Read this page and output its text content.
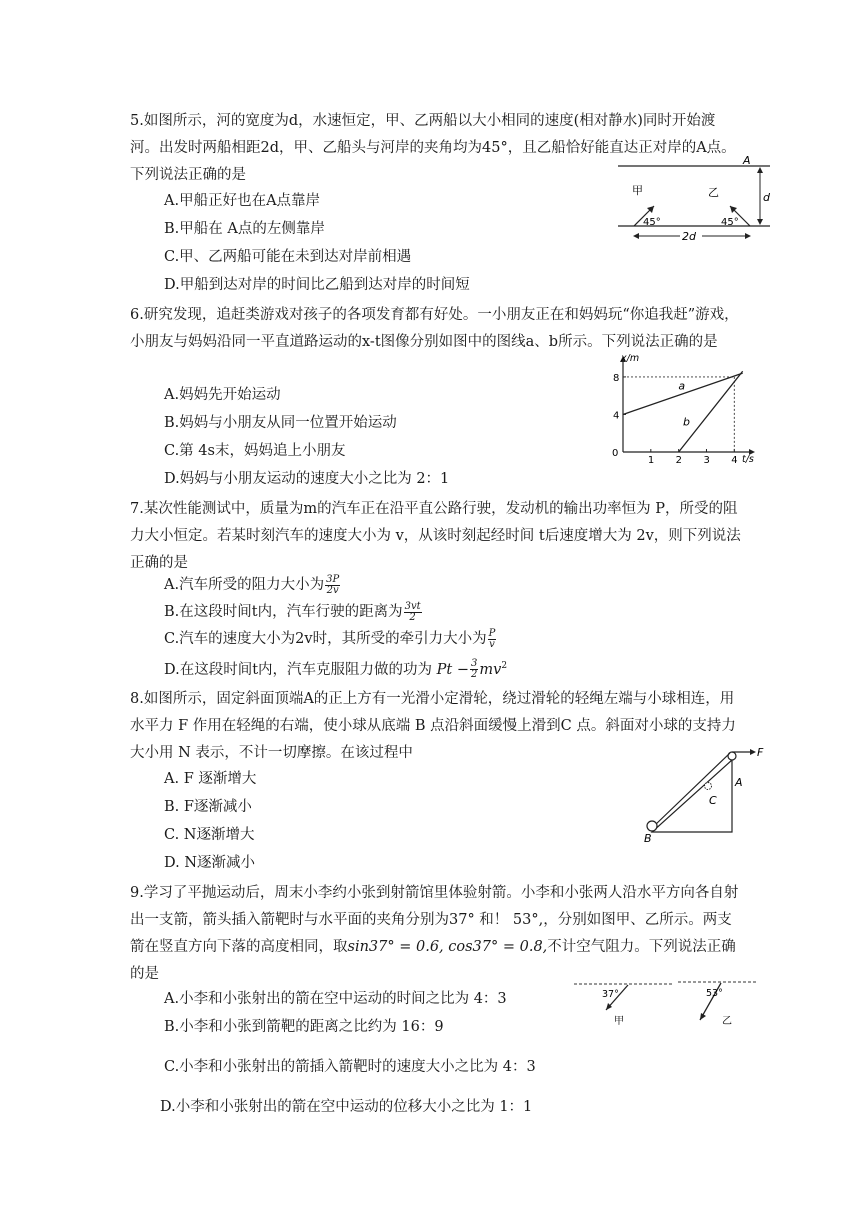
5.如图所示，河的宽度为d，水速恒定，甲、乙两船以大小相同的速度(相对静水)同时开始渡河。出发时两船相距2d，甲、乙船头与河岸的夹角均为45°，且乙船恰好能直达正对岸的A点。下列说法正确的是
A.甲船正好也在A点靠岸
B.甲船在 A点的左侧靠岸
C.甲、乙两船可能在未到达对岸前相遇
D.甲船到达对岸的时间比乙船到达对岸的时间短
A
甲	乙
45°	45°
d
2d
6.研究发现，追赶类游戏对孩子的各项发育都有好处。一小朋友正在和妈妈玩“你追我赶”游戏，小朋友与妈妈沿同一平直道路运动的x-t图像分别如图中的图线a、b所示。下列说法正确的是
A.妈妈先开始运动
B.妈妈与小朋友从同一位置开始运动
C.第 4s末，妈妈追上小朋友
D.妈妈与小朋友运动的速度大小之比为 2：1
x/m
t/s
0
1 2 3 4
4
8
a
b
7.某次性能测试中，质量为m的汽车正在沿平直公路行驶，发动机的输出功率恒为 P，所受的阻力大小恒定。若某时刻汽车的速度大小为 v，从该时刻起经时间 t后速度增大为 2v，则下列说法正确的是
A.汽车所受的阻力大小为 $\frac{3P}{2v}$
B.在这段时间t内，汽车行驶的距离为 $\frac{3vt}{2}$
C.汽车的速度大小为2v时，其所受的牵引力大小为 $\frac{P}{v}$
D.在这段时间t内，汽车克服阻力做的功为 $Pt - \frac{3}{2} mv^2$
8.如图所示，固定斜面顶端A的正上方有一光滑小定滑轮，绕过滑轮的轻绳左端与小球相连，用水平力 F 作用在轻绳的右端，使小球从底端 B 点沿斜面缓慢上滑到C 点。斜面对小球的支持力大小用 N 表示，不计一切摩擦。在该过程中
A. F 逐渐增大
B. F逐渐减小
C. N逐渐增大
D. N逐渐减小
F
A
B
C
9.学习了平抛运动后，周末小李约小张到射箭馆里体验射箭。小李和小张两人沿水平方向各自射出一支箭，箭头插入箭靶时与水平面的夹角分别为37° 和！ 53°,，分别如图甲、乙所示。两支箭在竖直方向下落的高度相同，取sin37° = 0.6, cos37° = 0.8,不计空气阻力。下列说法正确的是
A.小李和小张射出的箭在空中运动的时间之比为 4：3
B.小李和小张到箭靶的距离之比约为 16：9
C.小李和小张射出的箭插入箭靶时的速度大小之比为 4：3
D.小李和小张射出的箭在空中运动的位移大小之比为 1：1
37°
甲
53°
乙
